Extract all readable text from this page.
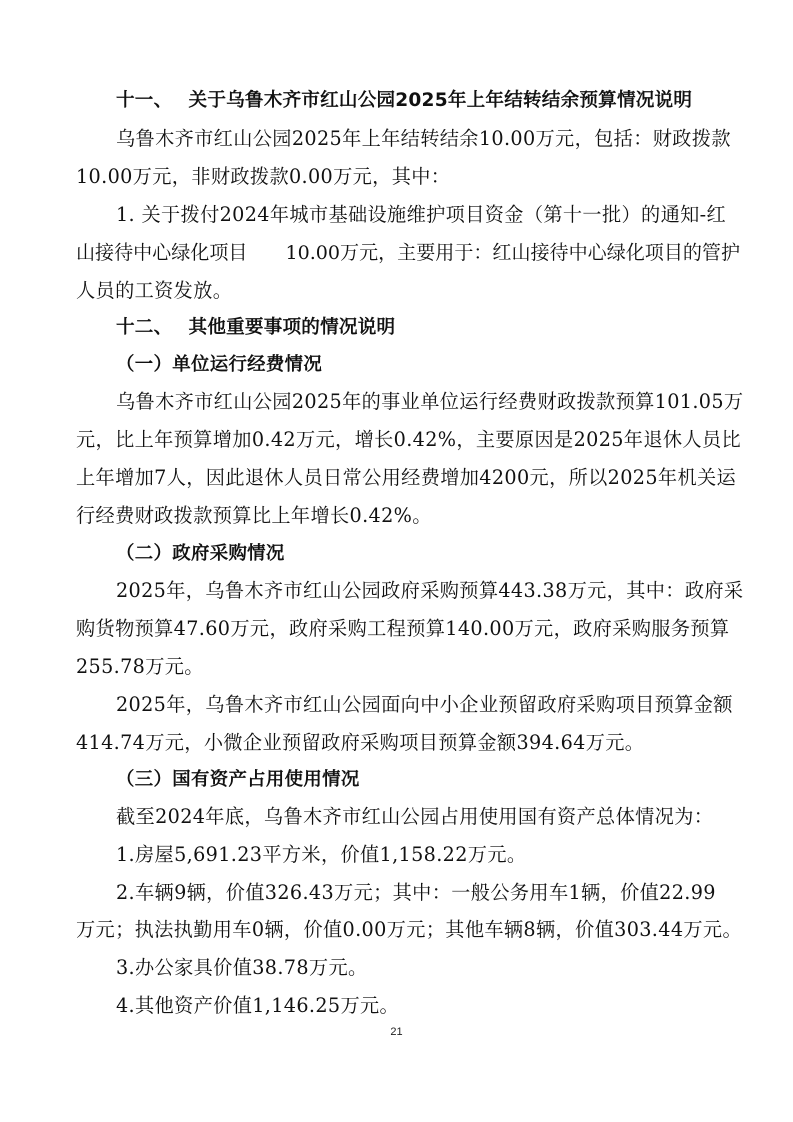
十一、　 关于乌鲁木齐市红山公园2025年上年结转结余预算情况说明
乌鲁木齐市红山公园2025年上年结转结余10.00万元，包括：财政拨款
10.00万元，非财政拨款0.00万元，其中：
1. 关于拨付2024年城市基础设施维护项目资金（第十一批）的通知-红
山接待中心绿化项目　　10.00万元，主要用于：红山接待中心绿化项目的管护
人员的工资发放。
十二、　 其他重要事项的情况说明
（一）单位运行经费情况
乌鲁木齐市红山公园2025年的事业单位运行经费财政拨款预算101.05万
元，比上年预算增加0.42万元，增长0.42%，主要原因是2025年退休人员比
上年增加7人，因此退休人员日常公用经费增加4200元，所以2025年机关运
行经费财政拨款预算比上年增长0.42%。
（二）政府采购情况
2025年，乌鲁木齐市红山公园政府采购预算443.38万元，其中：政府采
购货物预算47.60万元，政府采购工程预算140.00万元，政府采购服务预算
255.78万元。
2025年，乌鲁木齐市红山公园面向中小企业预留政府采购项目预算金额
414.74万元，小微企业预留政府采购项目预算金额394.64万元。
（三）国有资产占用使用情况
截至2024年底，乌鲁木齐市红山公园占用使用国有资产总体情况为：
1.房屋5,691.23平方米，价值1,158.22万元。
2.车辆9辆，价值326.43万元；其中：一般公务用车1辆，价值22.99
万元；执法执勤用车0辆，价值0.00万元；其他车辆8辆，价值303.44万元。
3.办公家具价值38.78万元。
4.其他资产价值1,146.25万元。
21
